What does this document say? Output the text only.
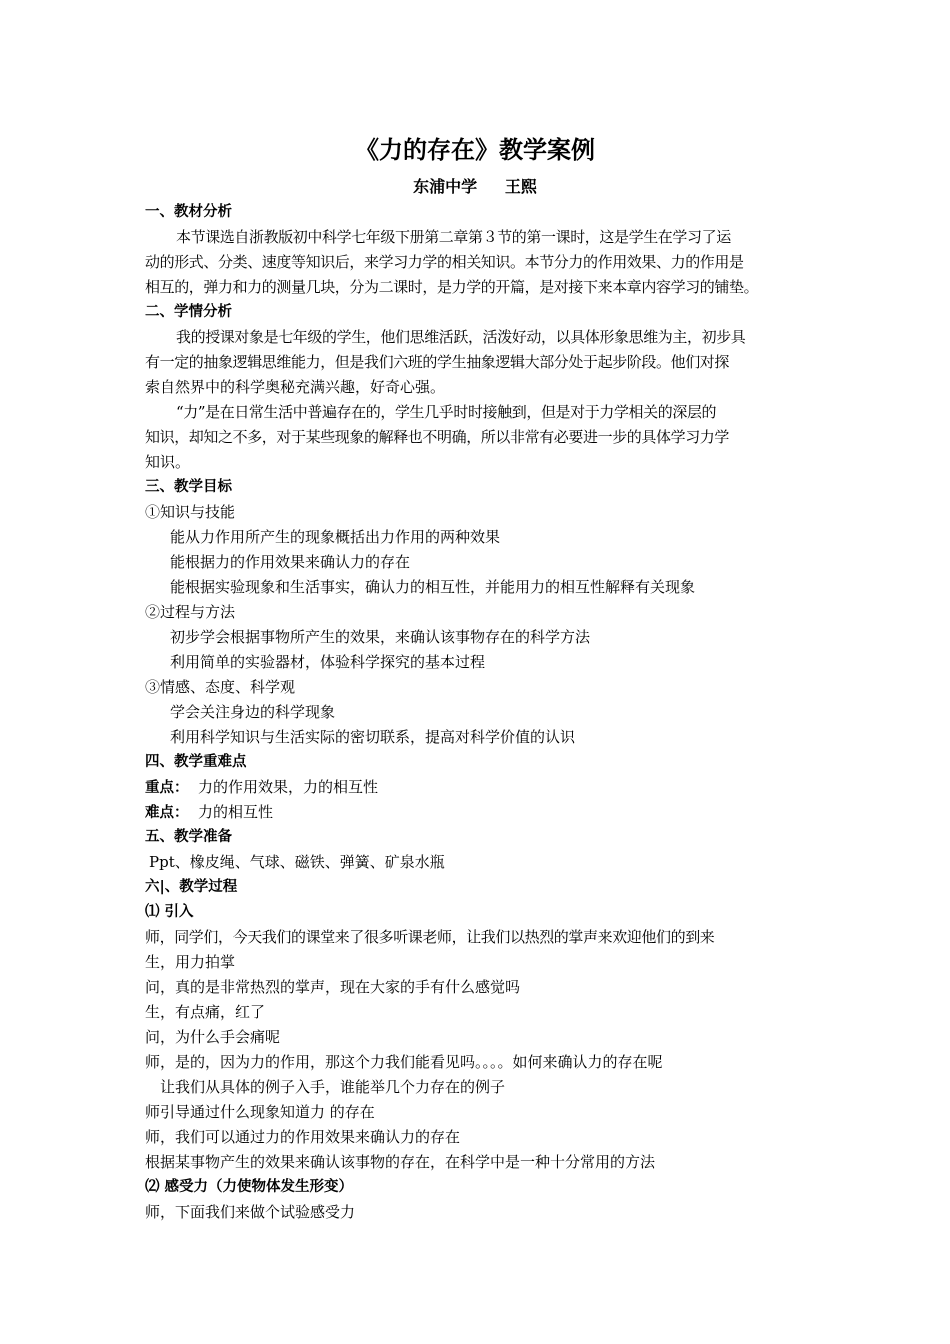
《力的存在》教学案例
东浦中学     王熙
一、教材分析
本节课选自浙教版初中科学七年级下册第二章第３节的第一课时，这是学生在学习了运
动的形式、分类、速度等知识后，来学习力学的相关知识。本节分力的作用效果、力的作用是
相互的，弹力和力的测量几块，分为二课时，是力学的开篇，是对接下来本章内容学习的铺垫。
二、学情分析
我的授课对象是七年级的学生，他们思维活跃，活泼好动，以具体形象思维为主，初步具
有一定的抽象逻辑思维能力，但是我们六班的学生抽象逻辑大部分处于起步阶段。他们对探
索自然界中的科学奥秘充满兴趣，好奇心强。
“力”是在日常生活中普遍存在的，学生几乎时时接触到，但是对于力学相关的深层的
知识，却知之不多，对于某些现象的解释也不明确，所以非常有必要进一步的具体学习力学
知识。
三、教学目标
①知识与技能
能从力作用所产生的现象概括出力作用的两种效果
能根据力的作用效果来确认力的存在
能根据实验现象和生活事实，确认力的相互性，并能用力的相互性解释有关现象
②过程与方法
初步学会根据事物所产生的效果，来确认该事物存在的科学方法
利用简单的实验器材，体验科学探究的基本过程
③情感、态度、科学观
学会关注身边的科学现象
利用科学知识与生活实际的密切联系，提高对科学价值的认识
四、教学重难点
重点：  力的作用效果，力的相互性
难点：  力的相互性
五、教学准备
Ppt、橡皮绳、气球、磁铁、弹簧、矿泉水瓶
六|、教学过程
⑴ 引入
师，同学们，今天我们的课堂来了很多听课老师，让我们以热烈的掌声来欢迎他们的到来
生，用力拍掌
问，真的是非常热烈的掌声，现在大家的手有什么感觉吗
生，有点痛，红了
问，为什么手会痛呢
师，是的，因为力的作用，那这个力我们能看见吗。。。。如何来确认力的存在呢
让我们从具体的例子入手，谁能举几个力存在的例子
师引导通过什么现象知道力 的存在
师，我们可以通过力的作用效果来确认力的存在
根据某事物产生的效果来确认该事物的存在，在科学中是一种十分常用的方法
⑵ 感受力（力使物体发生形变）
师，下面我们来做个试验感受力
